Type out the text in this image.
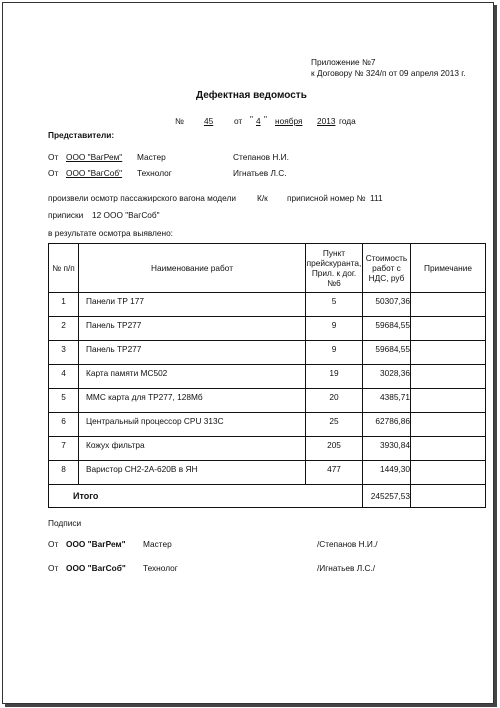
Приложение №7
к Договору № 324/п от 09 апреля 2013 г.
Дефектная ведомость
№ 45	от " 4 " ноября 2013 года
Представители:
От ООО "ВагРем" Мастер	Степанов Н.И.
От ООО "ВагСоб" Технолог	Игнатьев Л.С.
произвели осмотр пассажирского вагона модели	К/к приписной номер № 111
приписки 12 ООО "ВагСоб"
в результате осмотра выявлено:
№ п/п	Наименование работ	Пункт прейскуранта, Прил. к дог. №6	Стоимость работ с НДС, руб	Примечание
1	Панели ТР 177	5	50307,36	
2	Панель ТР277	9	59684,55	
3	Панель ТР277	9	59684,55	
4	Карта памяти МС502	19	3028,36	
5	ММС карта для ТР277, 128Мб	20	4385,71	
6	Центральный процессор CPU 313C	25	62786,86	
7	Кожух фильтра	205	3930,84	
8	Варистор СН2-2А-620В в ЯН	477	1449,30	
Итого			245257,53	
Подписи
От ООО "ВагРем" Мастер	/Степанов Н.И./
От ООО "ВагСоб" Технолог	/Игнатьев Л.С./
